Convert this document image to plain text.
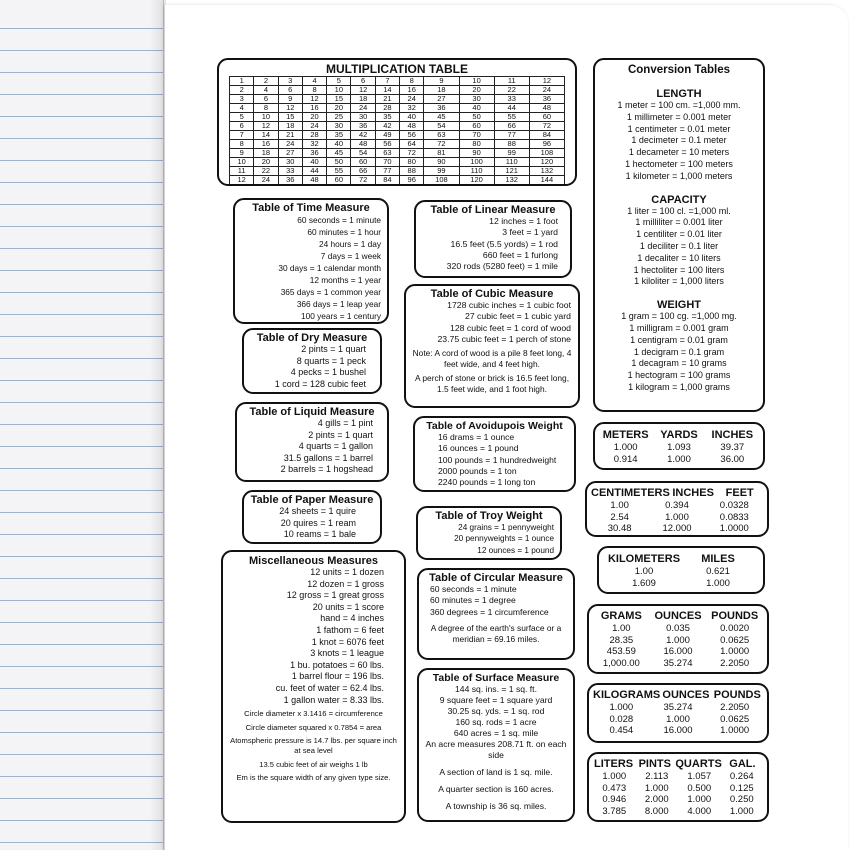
MULTIPLICATION TABLE
1	2	3	4	5	6	7	8	9	10	11	12
2	4	6	8	10	12	14	16	18	20	22	24
3	6	9	12	15	18	21	24	27	30	33	36
4	8	12	16	20	24	28	32	36	40	44	48
5	10	15	20	25	30	35	40	45	50	55	60
6	12	18	24	30	36	42	48	54	60	66	72
7	14	21	28	35	42	49	56	63	70	77	84
8	16	24	32	40	48	56	64	72	80	88	96
9	18	27	36	45	54	63	72	81	90	99	108
10	20	30	40	50	60	70	80	90	100	110	120
11	22	33	44	55	66	77	88	99	110	121	132
12	24	36	48	60	72	84	96	108	120	132	144
Table of Time Measure
60 seconds = 1 minute
60 minutes = 1 hour
24 hours = 1 day
7 days = 1 week
30 days = 1 calendar month
12 months = 1 year
365 days = 1 common year
366 days = 1 leap year
100 years = 1 century
Table of Dry Measure
2 pints = 1 quart
8 quarts = 1 peck
4 pecks = 1 bushel
1 cord = 128 cubic feet
Table of Liquid Measure
4 gills = 1 pint
2 pints = 1 quart
4 quarts = 1 gallon
31.5 gallons = 1 barrel
2 barrels = 1 hogshead
Table of Paper Measure
24 sheets = 1 quire
20 quires = 1 ream
10 reams = 1 bale
Miscellaneous Measures
12 units = 1 dozen
12 dozen = 1 gross
12 gross = 1 great gross
20 units = 1 score
hand = 4 inches
1 fathom = 6 feet
1 knot = 6076 feet
3 knots = 1 league
1 bu. potatoes = 60 lbs.
1 barrel flour = 196 lbs.
cu. feet of water = 62.4 lbs.
1 gallon water = 8.33 lbs.
Circle diameter x 3.1416 = circumference
Circle diameter squared x 0.7854 = area
Atomspheric pressure is 14.7 lbs. per square inch at sea level
13.5 cubic feet of air weighs 1 lb
Em is the square width of any given type size.
Table of Linear Measure
12 inches = 1 foot
3 feet = 1 yard
16.5 feet (5.5 yords) = 1 rod
660 feet = 1 furlong
320 rods (5280 feet) = 1 mile
Table of Cubic Measure
1728 cubic inches = 1 cubic foot
27 cubic feet = 1 cubic yard
128 cubic feet = 1 cord of wood
23.75 cubic feet = 1 perch of stone
Note: A cord of wood is a pile 8 feet long, 4 feet wide, and 4 feet high.
A perch of stone or brick is 16.5 feet long, 1.5 feet wide, and 1 foot high.
Table of Avoidupois Weight
16 drams = 1 ounce
16 ounces = 1 pound
100 pounds = 1 hundredweight
2000 pounds = 1 ton
2240 pounds = 1 long ton
Table of Troy Weight
24 grains = 1 pennyweight
20 pennyweights = 1 ounce
12 ounces = 1 pound
Table of Circular Measure
60 seconds = 1 minute
60 minutes = 1 degree
360 degrees = 1 circumference
A degree of the earth's surface or a meridian = 69.16 miles.
Table of Surface Measure
144 sq. ins. = 1 sq. ft.
9 square feet = 1 square yard
30.25 sq. yds. = 1 sq. rod
160 sq. rods = 1 acre
640 acres = 1 sq. mile
An acre measures 208.71 ft. on each side
A section of land is 1 sq. mile.
A quarter section is 160 acres.
A township is 36 sq. miles.
Conversion Tables
LENGTH
1 meter = 100 cm. =1,000 mm.
1 millimeter = 0.001 meter
1 centimeter = 0.01 meter
1 decimeter = 0.1 meter
1 decameter = 10 meters
1 hectometer = 100 meters
1 kilometer = 1,000 meters
CAPACITY
1 liter = 100 cl. =1,000 ml.
1 milliliter = 0.001 liter
1 centiliter = 0.01 liter
1 deciliter = 0.1 liter
1 decaliter = 10 liters
1 hectoliter = 100 liters
1 kiloliter = 1,000 liters
WEIGHT
1 gram = 100 cg. =1,000 mg.
1 milligram = 0.001 gram
1 centigram = 0.01 gram
1 decigram = 0.1 gram
1 decagram = 10 grams
1 hectogram = 100 grams
1 kilogram = 1,000 grams
METERS	YARDS	INCHES
1.000	1.093	39.37
0.914	1.000	36.00
CENTIMETERS INCHES	FEET
1.00	0.394	0.0328
2.54	1.000	0.0833
30.48	12.000	1.0000
KILOMETERS	MILES
1.00	0.621
1.609	1.000
GRAMS	OUNCES POUNDS
1.00	0.035	0.0020
28.35	1.000	0.0625
453.59	16.000	1.0000
1,000.00	35.274	2.2050
KILOGRAMS OUNCES POUNDS
1.000	35.274	2.2050
0.028	1.000	0.0625
0.454	16.000	1.0000
LITERS PINTS QUARTS GAL.
1.000	2.113	1.057	0.264
0.473	1.000	0.500	0.125
0.946	2.000	1.000	0.250
3.785	8.000	4.000	1.000
